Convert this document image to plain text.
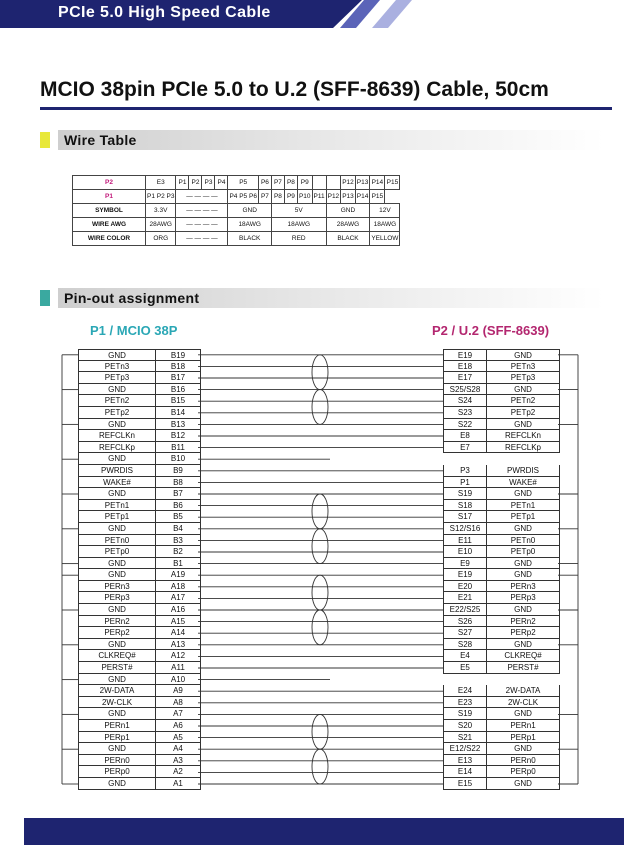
PCIe 5.0 High Speed Cable
MCIO 38pin PCIe 5.0 to U.2 (SFF-8639) Cable, 50cm
Wire Table
P2	E3	P1	P2	P3	P4	P5	P6	P7	P8	P9			P12	P13	P14	P15
P1	P1 P2 P3	— — — —				P4 P5 P6	P7	P8	P9	P10	P11	P12	P13	P14	P15	
SYMBOL	3.3V	— — — —				GND		5V				GND			12V	
WIRE AWG	28AWG	— — — —				18AWG		18AWG				28AWG			18AWG	
WIRE COLOR	ORG	— — — —				BLACK		RED				BLACK			YELLOW	
Pin-out assignment
P1 / MCIO 38P	P2 / U.2 (SFF-8639)
GND	B19
PETn3	B18
PETp3	B17
GND	B16
PETn2	B15
PETp2	B14
GND	B13
REFCLKn	B12
REFCLKp	B11
GND	B10
PWRDIS	B9
WAKE#	B8
GND	B7
PETn1	B6
PETp1	B5
GND	B4
PETn0	B3
PETp0	B2
GND	B1
GND	A19
PERn3	A18
PERp3	A17
GND	A16
PERn2	A15
PERp2	A14
GND	A13
CLKREQ#	A12
PERST#	A11
GND	A10
2W-DATA	A9
2W-CLK	A8
GND	A7
PERn1	A6
PERp1	A5
GND	A4
PERn0	A3
PERp0	A2
GND	A1
E19	GND
E18	PETn3
E17	PETp3
S25/S28	GND
S24	PETn2
S23	PETp2
S22	GND
E8	REFCLKn
E7	REFCLKp
P3	PWRDIS
P1	WAKE#
S19	GND
S18	PETn1
S17	PETp1
S12/S16	GND
E11	PETn0
E10	PETp0
E9	GND
E19	GND
E20	PERn3
E21	PERp3
E22/S25	GND
S26	PERn2
S27	PERp2
S28	GND
E4	CLKREQ#
E5	PERST#
E24	2W-DATA
E23	2W-CLK
S19	GND
S20	PERn1
S21	PERp1
E12/S22	GND
E13	PERn0
E14	PERp0
E15	GND
